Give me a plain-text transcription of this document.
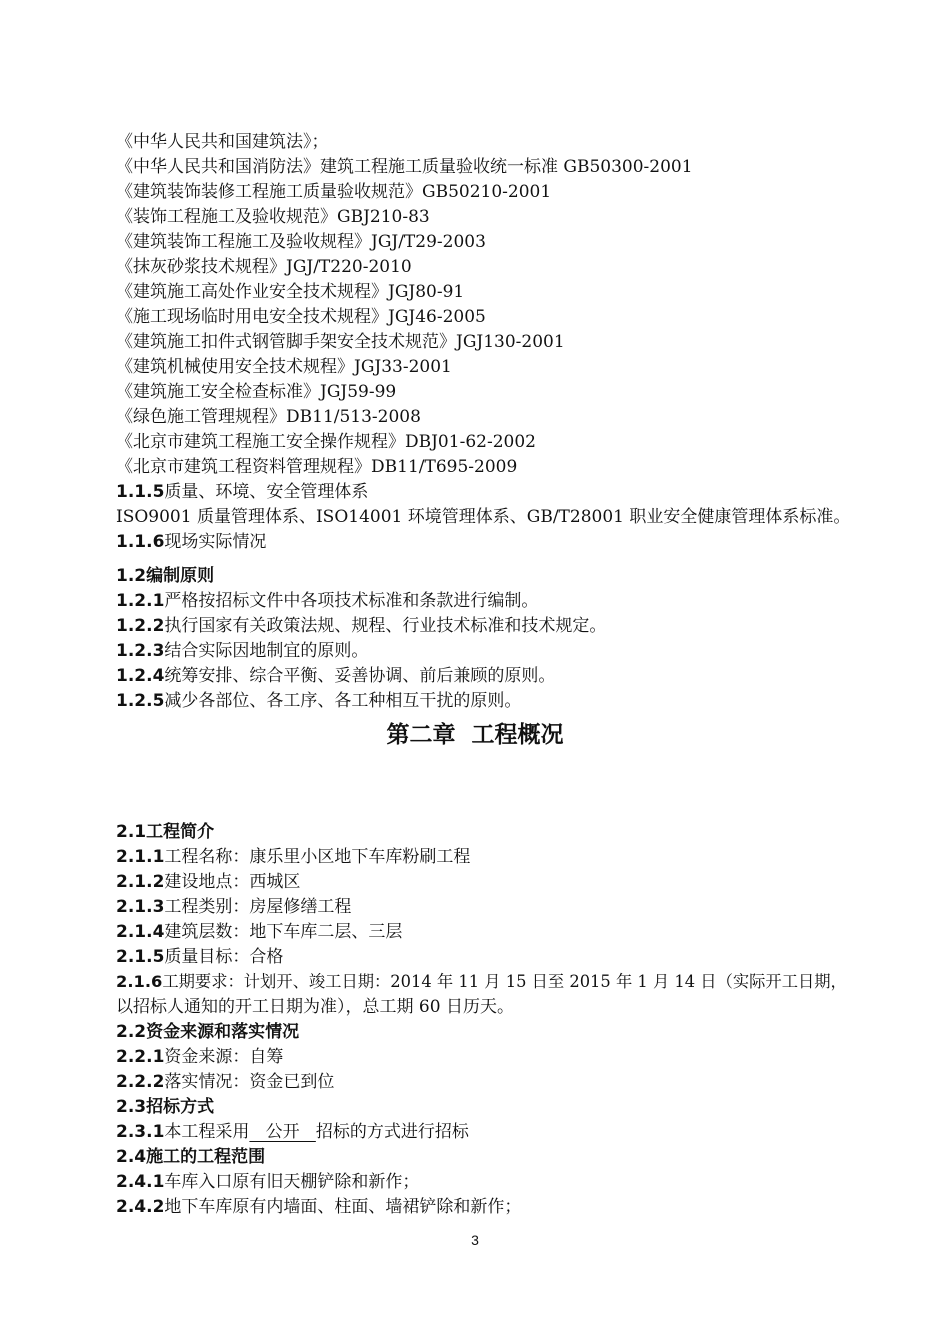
《中华人民共和国建筑法》；
《中华人民共和国消防法》建筑工程施工质量验收统一标准 GB50300-2001
《建筑装饰装修工程施工质量验收规范》GB50210-2001
《装饰工程施工及验收规范》GBJ210-83
《建筑装饰工程施工及验收规程》JGJ/T29-2003
《抹灰砂浆技术规程》JGJ/T220-2010
《建筑施工高处作业安全技术规程》JGJ80-91
《施工现场临时用电安全技术规程》JGJ46-2005
《建筑施工扣件式钢管脚手架安全技术规范》JGJ130-2001
《建筑机械使用安全技术规程》JGJ33-2001
《建筑施工安全检查标准》JGJ59-99
《绿色施工管理规程》DB11/513-2008
《北京市建筑工程施工安全操作规程》DBJ01-62-2002
《北京市建筑工程资料管理规程》DB11/T695-2009
1.1.5质量、环境、安全管理体系
ISO9001 质量管理体系、ISO14001 环境管理体系、GB/T28001 职业安全健康管理体系标准。
1.1.6现场实际情况
1.2编制原则
1.2.1严格按招标文件中各项技术标准和条款进行编制。
1.2.2执行国家有关政策法规、规程、行业技术标准和技术规定。
1.2.3结合实际因地制宜的原则。
1.2.4统筹安排、综合平衡、妥善协调、前后兼顾的原则。
1.2.5减少各部位、各工序、各工种相互干扰的原则。
第二章  工程概况
2.1工程简介
2.1.1工程名称：康乐里小区地下车库粉刷工程
2.1.2建设地点：西城区
2.1.3工程类别：房屋修缮工程
2.1.4建筑层数：地下车库二层、三层
2.1.5质量目标：合格
2.1.6工期要求：计划开、竣工日期：2014 年 11 月 15 日至 2015 年 1 月 14 日（实际开工日期，
以招标人通知的开工日期为准），总工期 60 日历天。
2.2资金来源和落实情况
2.2.1资金来源：自筹
2.2.2落实情况：资金已到位
2.3招标方式
2.3.1本工程采用   公开   招标的方式进行招标
2.4施工的工程范围
2.4.1车库入口原有旧天棚铲除和新作；
2.4.2地下车库原有内墙面、柱面、墙裙铲除和新作；
3
